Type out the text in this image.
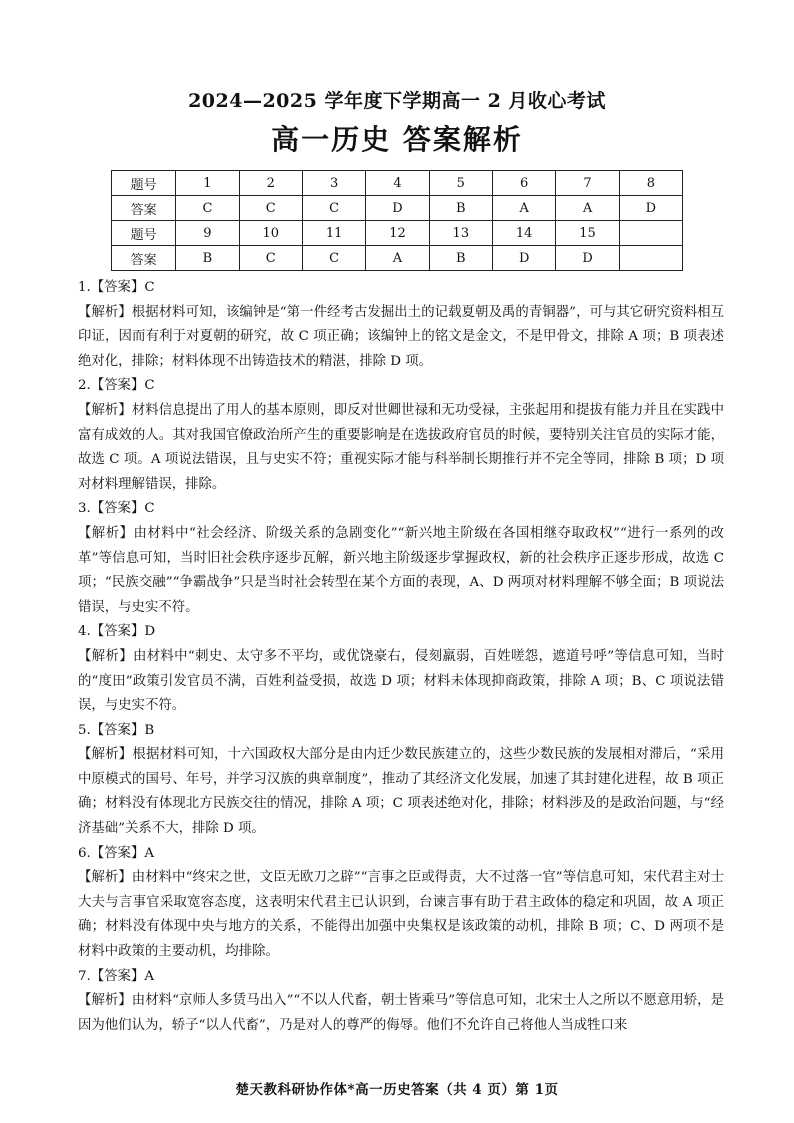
2024—2025 学年度下学期高一 2 月收心考试
高一历史 答案解析
题号	1	2	3	4	5	6	7	8
答案	C	C	C	D	B	A	A	D
题号	9	10	11	12	13	14	15	
答案	B	C	C	A	B	D	D	

1.【答案】C

【解析】根据材料可知，该编钟是“第一件经考古发掘出土的记载夏朝及禹的青铜器”，可与其它研究资料相互印证，因而有利于对夏朝的研究，故 C 项正确；该编钟上的铭文是金文，不是甲骨文，排除 A 项；B 项表述绝对化，排除；材料体现不出铸造技术的精湛，排除 D 项。

2.【答案】C

【解析】材料信息提出了用人的基本原则，即反对世卿世禄和无功受禄，主张起用和提拔有能力并且在实践中富有成效的人。其对我国官僚政治所产生的重要影响是在选拔政府官员的时候，要特别关注官员的实际才能，故选 C 项。A 项说法错误，且与史实不符；重视实际才能与科举制长期推行并不完全等同，排除 B 项；D 项对材料理解错误，排除。

3.【答案】C

【解析】由材料中“社会经济、阶级关系的急剧变化”“新兴地主阶级在各国相继夺取政权”“进行一系列的改革”等信息可知，当时旧社会秩序逐步瓦解，新兴地主阶级逐步掌握政权，新的社会秩序正逐步形成，故选 C 项；“民族交融”“争霸战争”只是当时社会转型在某个方面的表现，A、D 两项对材料理解不够全面；B 项说法错误，与史实不符。

4.【答案】D

【解析】由材料中“刺史、太守多不平均，或优饶豪右，侵刻羸弱，百姓嗟怨，遮道号呼”等信息可知，当时的“度田”政策引发官员不满，百姓利益受损，故选 D 项；材料未体现抑商政策，排除 A 项；B、C 项说法错误，与史实不符。

5.【答案】B

【解析】根据材料可知，十六国政权大部分是由内迁少数民族建立的，这些少数民族的发展相对滞后，“采用中原模式的国号、年号，并学习汉族的典章制度”，推动了其经济文化发展，加速了其封建化进程，故 B 项正确；材料没有体现北方民族交往的情况，排除 A 项；C 项表述绝对化，排除；材料涉及的是政治问题，与“经济基础”关系不大，排除 D 项。

6.【答案】A

【解析】由材料中“终宋之世，文臣无欧刀之辟”“言事之臣或得责，大不过落一官”等信息可知，宋代君主对士大夫与言事官采取宽容态度，这表明宋代君主已认识到，台谏言事有助于君主政体的稳定和巩固，故 A 项正确；材料没有体现中央与地方的关系，不能得出加强中央集权是该政策的动机，排除 B 项；C、D 两项不是材料中政策的主要动机，均排除。

7.【答案】A

【解析】由材料“京师人多赁马出入”“不以人代畜，朝士皆乘马”等信息可知，北宋士人之所以不愿意用轿，是因为他们认为，轿子“以人代畜”，乃是对人的尊严的侮辱。他们不允许自己将他人当成牲口来

楚天教科研协作体*高一历史答案（共 4 页）第 1页
